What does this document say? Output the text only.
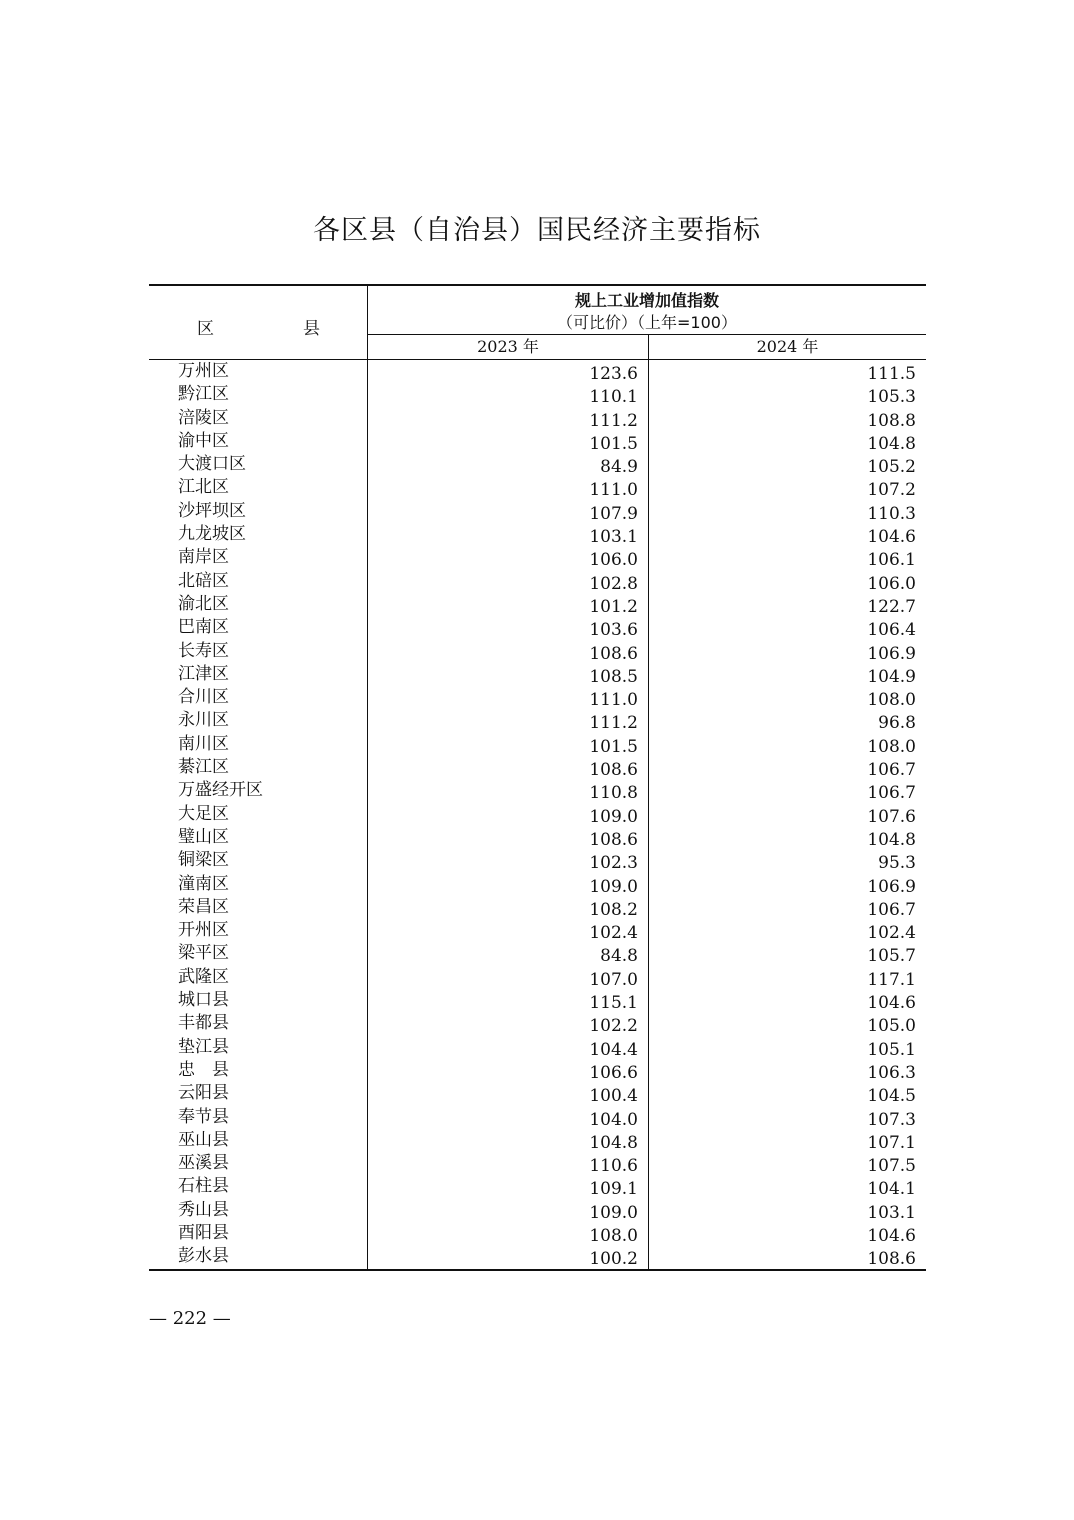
各区县（自治县）国民经济主要指标
区	县
规上工业增加值指数
（可比价）（上年=100）
2023 年	2024 年
万州区	123.6	111.5
黔江区	110.1	105.3
涪陵区	111.2	108.8
渝中区	101.5	104.8
大渡口区	84.9	105.2
江北区	111.0	107.2
沙坪坝区	107.9	110.3
九龙坡区	103.1	104.6
南岸区	106.0	106.1
北碚区	102.8	106.0
渝北区	101.2	122.7
巴南区	103.6	106.4
长寿区	108.6	106.9
江津区	108.5	104.9
合川区	111.0	108.0
永川区	111.2	96.8
南川区	101.5	108.0
綦江区	108.6	106.7
万盛经开区	110.8	106.7
大足区	109.0	107.6
璧山区	108.6	104.8
铜梁区	102.3	95.3
潼南区	109.0	106.9
荣昌区	108.2	106.7
开州区	102.4	102.4
梁平区	84.8	105.7
武隆区	107.0	117.1
城口县	115.1	104.6
丰都县	102.2	105.0
垫江县	104.4	105.1
忠　县	106.6	106.3
云阳县	100.4	104.5
奉节县	104.0	107.3
巫山县	104.8	107.1
巫溪县	110.6	107.5
石柱县	109.1	104.1
秀山县	109.0	103.1
酉阳县	108.0	104.6
彭水县	100.2	108.6
— 222 —
